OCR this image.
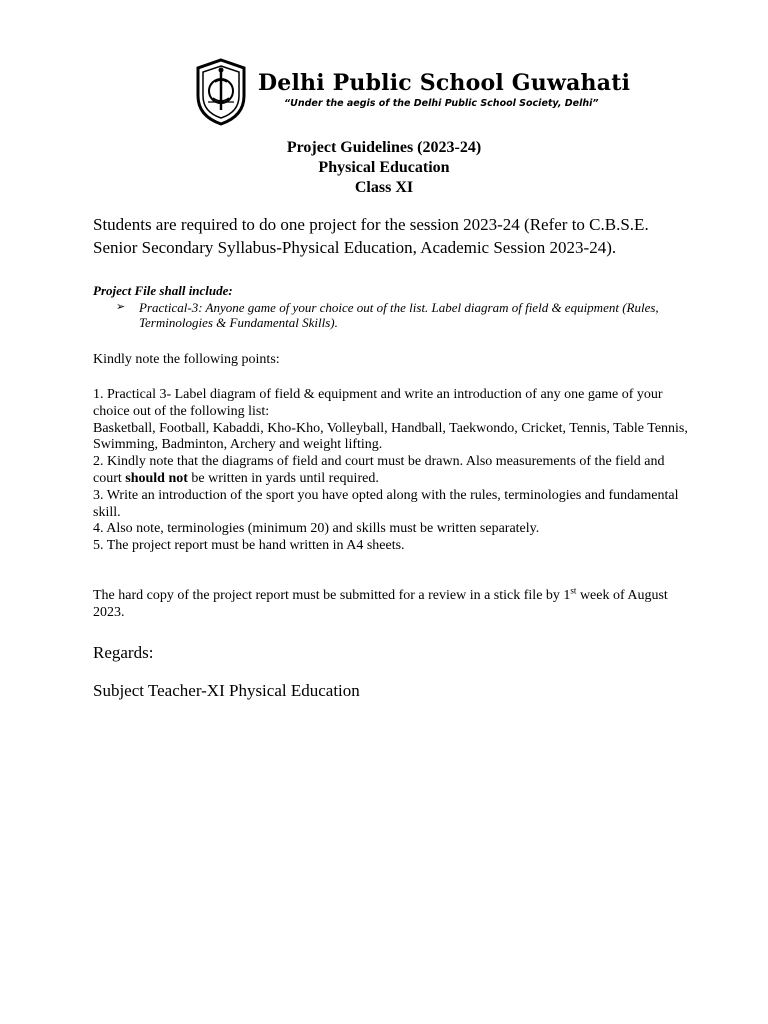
Delhi Public School Guwahati
“Under the aegis of the Delhi Public School Society, Delhi”
Project Guidelines (2023-24)
Physical Education
Class XI
Students are required to do one project for the session 2023-24 (Refer to C.B.S.E. Senior Secondary Syllabus-Physical Education, Academic Session 2023-24).
Project File shall include:
➢ Practical-3: Anyone game of your choice out of the list. Label diagram of field & equipment (Rules, Terminologies & Fundamental Skills).
Kindly note the following points:

1. Practical 3- Label diagram of field & equipment and write an introduction of any one game of your choice out of the following list:

Basketball, Football, Kabaddi, Kho-Kho, Volleyball, Handball, Taekwondo, Cricket, Tennis, Table Tennis, Swimming, Badminton, Archery and weight lifting.

2. Kindly note that the diagrams of field and court must be drawn. Also measurements of the field and court should not be written in yards until required.

3. Write an introduction of the sport you have opted along with the rules, terminologies and fundamental skill.

4. Also note, terminologies (minimum 20) and skills must be written separately.

5. The project report must be hand written in A4 sheets.

The hard copy of the project report must be submitted for a review in a stick file by 1st week of August 2023.
Regards:
Subject Teacher-XI Physical Education
